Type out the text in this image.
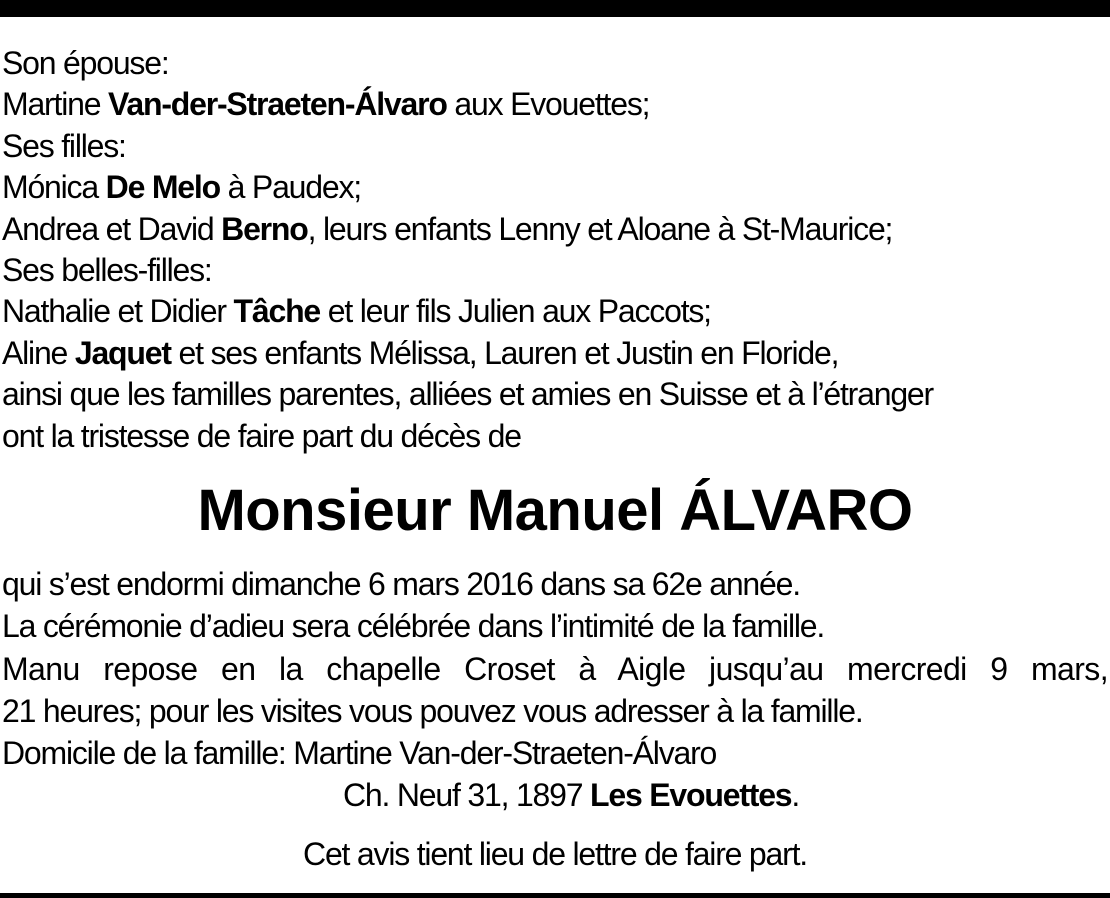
Son épouse:
Martine Van-der-Straeten-Álvaro aux Evouettes;
Ses filles:
Mónica De Melo à Paudex;
Andrea et David Berno, leurs enfants Lenny et Aloane à St-Maurice;
Ses belles-filles:
Nathalie et Didier Tâche et leur fils Julien aux Paccots;
Aline Jaquet et ses enfants Mélissa, Lauren et Justin en Floride,
ainsi que les familles parentes, alliées et amies en Suisse et à l’étranger
ont la tristesse de faire part du décès de
Monsieur Manuel ÁLVARO
qui s’est endormi dimanche 6 mars 2016 dans sa 62e année.
La cérémonie d’adieu sera célébrée dans l’intimité de la famille.
Manu repose en la chapelle Croset à Aigle jusqu’au mercredi 9 mars,
21 heures; pour les visites vous pouvez vous adresser à la famille.
Domicile de la famille: Martine Van-der-Straeten-Álvaro
Ch. Neuf 31, 1897 Les Evouettes.
Cet avis tient lieu de lettre de faire part.
